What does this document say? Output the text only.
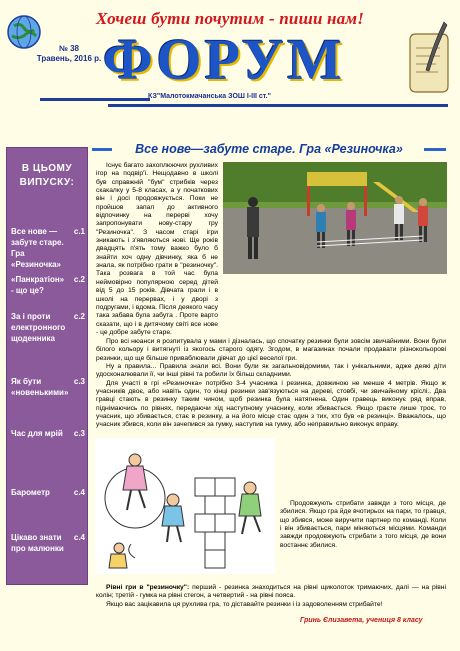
Хочеш бути почутим - пиши нам!
№ 38
Травень, 2016 р. ФОРУМ
КЗ"Малотокмачанська ЗОШ І-ІІІ ст."
В ЦЬОМУ ВИПУСКУ:
Все нове — забуте старе. Гра «Резиночка»
с.1
«Панкратіон» - що це?
с.2
За і проти електронного щоденника
с.2
Як бути «новенькими»
с.3
Час для мрій с.3
Барометр	с.4
Цікаво знати про малюнки
с.4
Все нове—забуте старе. Гра «Резиночка»

Існує багато захоплюючих рухливих ігор на подвір'ї. Нещодавно в школі був справжній "бум" стрибків через скакалку у 5-8 класах, а у початкових він і досі продовжується. Поки не пройшов запал до активного відпочинку на перерві хочу запропонувати нову-стару гру "Резиночка". З часом старі ігри зникають і з'являються нові. Ще років двадцять п'ять тому важко було б знайти хоч одну дівчинку, яка б не знала, як потрібно грати в "резиночку". Така розвага в той час була неймовірно популярною серед дітей від 5 до 15 років. Дівчата грали і в школі на перервах, і у дворі з подругами, і вдома. Після деякого часу така забава була забута . Проте варто сказати, що і в дитячому світі все нове - це добре забуте старе.

Про всі нюанси я розпитувала у мами і дізналась, що спочатку резинки були зовсім звичайними. Вони були білого кольору і витягнуті із якогось старого одягу. Згодом, в магазинах почали продавати різнокольорові резинки, що ще більше приваблювали дівчат до цієї веселої гри.

Ну а правила... Правила знали всі. Вони були як загальновідомими, так і унікальними, адже деякі діти удосконалювали її, чи інші рівні та робили їх більш складними.

Для участі в грі «Резиночка» потрібно 3-4 учасника і резинка, довжиною не менше 4 метрів. Якщо ж учасників двоє, або навіть один, то кінці резинки зав'язуються на дереві, стовбі, чи звичайному кріслі.. Два гравці стають в резинку таким чином, щоб резинка була натягнена. Один гравець виконує ряд вправ, піднімаючись по рівнях, передаючи хід наступному учаснику, коли збивається. Якщо граєте лише троє, то учасник, що збивається, стає в резинку, а на його місце стає один з тих, хто був «в резинці». Вважалось, що учасник збився, коли він зачепився за гумку, наступив на гумку, або неправильно виконує вправу.

Продовжують стрибати завжди з того місця, де збилися. Якщо гра йде вчотирьох на пари, то гравця, що збився, може виручити партнер по команді. Коли і він збивається, пари міняються місцями. Команди завжди продовжують стрибати з того місця, де вони востаннє збилися.

Рівні гри в "резиночку": перший - резинка знаходиться на рівні щиколоток тримаючих, далі — на рівні колін; третій - гумка на рівні стегон, а четвертий - на рівні пояса.

Якщо вас зацікавила ця рухлива гра, то діставайте резинки і із задоволенням стрибайте!

Гринь Єлизавета, учениця 8 класу
